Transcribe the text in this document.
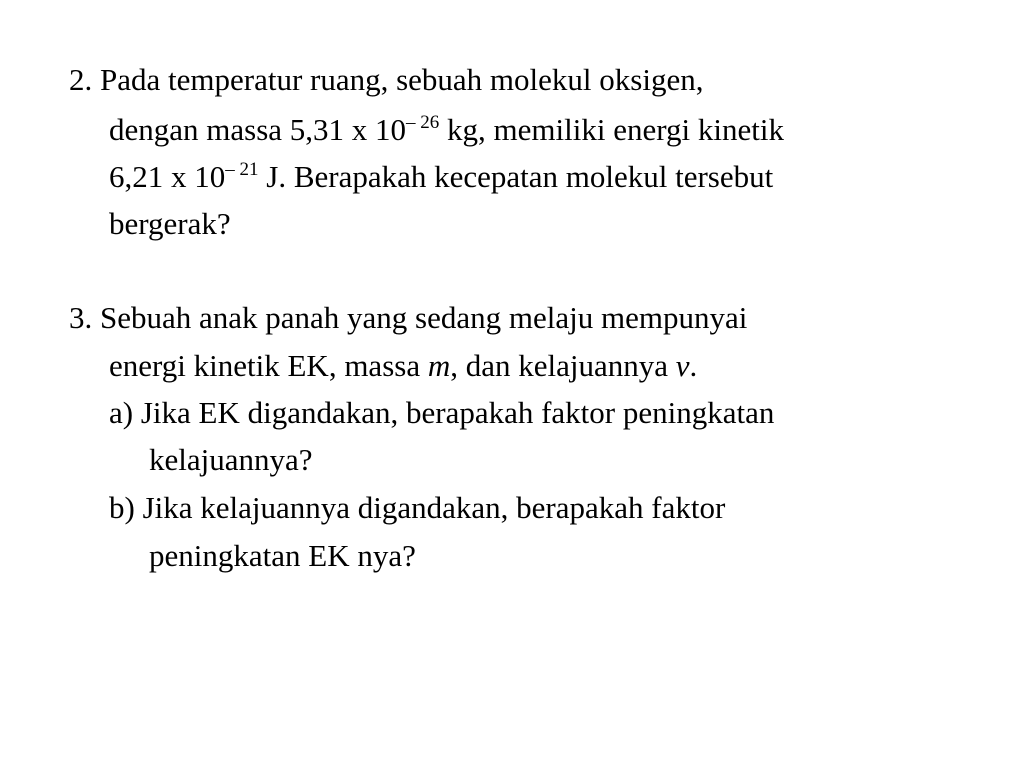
2. Pada temperatur ruang, sebuah molekul oksigen,
dengan massa 5,31 x $10^{- 26}$ kg, memiliki energi kinetik
6,21 x $10^{- 21}$ J. Berapakah kecepatan molekul tersebut
bergerak?
3. Sebuah anak panah yang sedang melaju mempunyai
energi kinetik EK, massa m, dan kelajuannya v.
a) Jika EK digandakan, berapakah faktor peningkatan
kelajuannya?
b) Jika kelajuannya digandakan, berapakah faktor
peningkatan EK nya?
